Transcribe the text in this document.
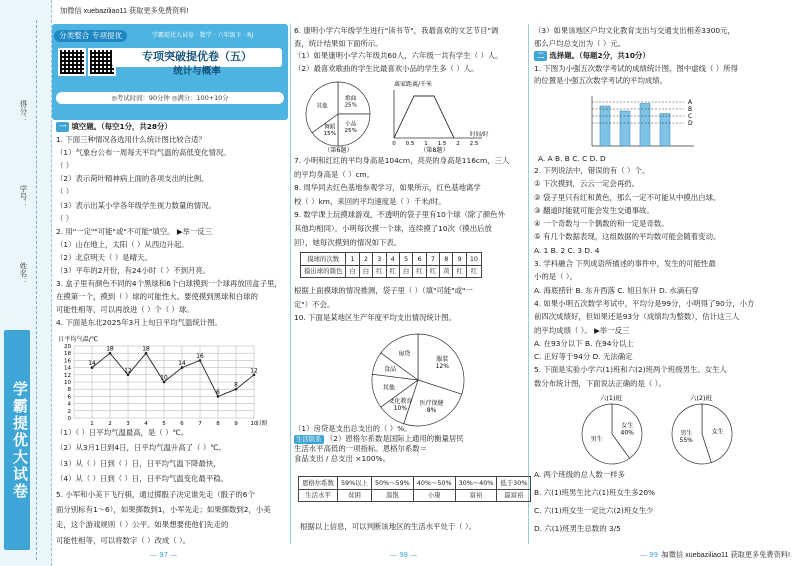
加微信 xuebaziliao11 获取更多免费资料!
得分：
学号：
姓名：
学霸提优大试卷
分类整合 专项提优	学霸提优大试卷 · 数学 · 六年级下 · RJ
专项突破提优卷（五）
统计与概率
◎考试时间：90分钟 ◎满分：100+10分
一 填空题。（每空1分，共28分）
1. 下面三种情况各选用什么统计图比较合适？
（1）气象台公布一周每天平均气温的高低变化情况。
（ ）
（2）表示荷叶精神病上面的各项支出的比例。
（ ）
（3）表示出某小学各年级学生视力数量的情况。
（ ）
2. 用"一定""可能"或"不可能"填空。 ▶举一反三
（1）山在地上，太阳（ ）从西边升起。
（2）北京明天（ ）是晴天。
（3）平年的2月份，有24小时（ ）不到月亮。
3. 盒子里有颜色不同的4个黑球和6个白球摸到一个球再放回盒子里，
在摸第一个，摸到（ ）球的可能性大。要使摸到黑球和白球的
可能性相等，可以再放进（ ）个（ ）球。
4. 下面是东北2025年3月上旬日平均气温统计图。
日平均气温/℃
0
2
4
6
8
10
12
14
16
18
20
1	2	3	4	5	6	7	8	9 10
日期
14
18
12
18
10
14
16
6
8
12
（1）（ ）日平均气温最高，是（ ）℃。
（2）从3月1日到4日，日平均气温升高了（ ）℃。
（3）从（ ）日到（ ）日，日平均气温下降最快，
（4）从（ ）日到（ ）日，日平均气温变化最平稳。
5. 小军和小美下飞行棋，通过掷骰子决定谁先走（骰子的6个
面分别标有1～6），如果掷数到1，小军先走；如果掷数到2，小美
走，这个游戏规则（ ）公平。如果想要使他们先走的
可能性相等，可以将数字（ ）改成（ ）。
— 97 —
6. 康明小学六年级学生进行"读书节"，我最喜欢的文艺节目"调
查，统计结果如下面所示。
（1）如果康明小学六年级共60人，六年级一共有学生（ ）人。
（2）最喜欢歌曲的学生比最喜欢小品的学生多（ ）人。
歌曲
25%
小品
25%
舞蹈
15%
其他
（第6题）
离家距离/千米
0 0.5 1 1.5 2 2.5
时间/时
（第8题）
7. 小明和红红的平均身高是104cm，亮亮的身高是116cm，三人
的平均身高是（ ）cm。
8. 周华同去红色基地参观学习，如果所示，红色基地离学
校（ ）km，来回的平均速度是（ ）千米/时。
9. 数学课上玩摸球游戏，不透明的袋子里有10个球（除了颜色外
其他均相同）。小明每次摸一个球，连续摸了10次（摸出后放
回），她每次摸到的情况如下表。
摸球的次数	1	2	3	4	5	6	7	8	9	10
摸出球的颜色	白	白	红	红	白	红	红	黄	红	红
根据上面摸球的情况推测，袋子里（ ）（填"可能"或"一
定"）不会。
10. 下面是某地区生产年度平均支出情况统计图。
服装
12%
医疗保健
8%
文化教育
10%
其他
食品
房贷
（1）房贷是支出总支出的（ ）%。
生活联系 （2）恩格尔系数是国际上通用的衡量居民
生活水平高低的一项指标。恩格尔系数＝
食品支出 / 总支出 ×100%。
恩格尔系数	59%以上	50%～59%	40%～50%	30%～40%	低于30%
生活水平	贫困	温饱	小康	富裕	最富裕
根据以上信息，可以判断该地区的生活水平处于（ ）。
— 98 —
（3）如果该地区户均文化教育支出与交通支出相差3300元，
那么户均总支出为（ ）元。
二 选择题。（每题2分，共10分）
1. 下图为小强五次数学考试的成绩统计图，图中虚线（ ）所得
的位置是小强五次数学考试的平均成绩。
A
B
C
D
A. A B. B C. C D. D
2. 下列说法中，错误的有（ ）个。
① 下次摸到，云云一定会再扔。
② 袋子里只有红和黄色，那么一定不可能从中摸出白球。
③ 翻道时能就可能会发生交通事故。
④ 一个奇数与一个偶数的和一定是奇数。
⑤ 有几个数据表现，这组数据的平均数可能会随着变动。
A. 1 B. 2 C. 3 D. 4
3. 学科融合 下列成语所描述的事件中，发生的可能性最
小的是（ ）。
A. 海底捞针 B. 东升西落 C. 旭日东升 D. 水滴石穿
4. 如果小明五次数学考试中，平均分是99分，小明得了90分，小方
前四次成绩好，但如果还是93分（成绩均为整数），估计这三人
的平均成绩（ ）。 ▶举一反三
A. 在93分以下 B. 在94分以上
C. 正好等于94分 D. 无法确定
5. 下面是实验小学六(1)班和六(2)班两个班级男生、女生人
数分布统计图，下面说法正确的是（ ）。
六(1)班	六(2)班
女生
40%
男生
女生
男生
55%
A. 两个班级的总人数一样多
B. 六(1)班男生比六(1)班女生多20%
C. 六(1)班女生一定比六(2)班女生少
D. 六(1)班男生总数的 3/5
— 99 —
加微信 xuebaziliao11 获取更多免费资料!
